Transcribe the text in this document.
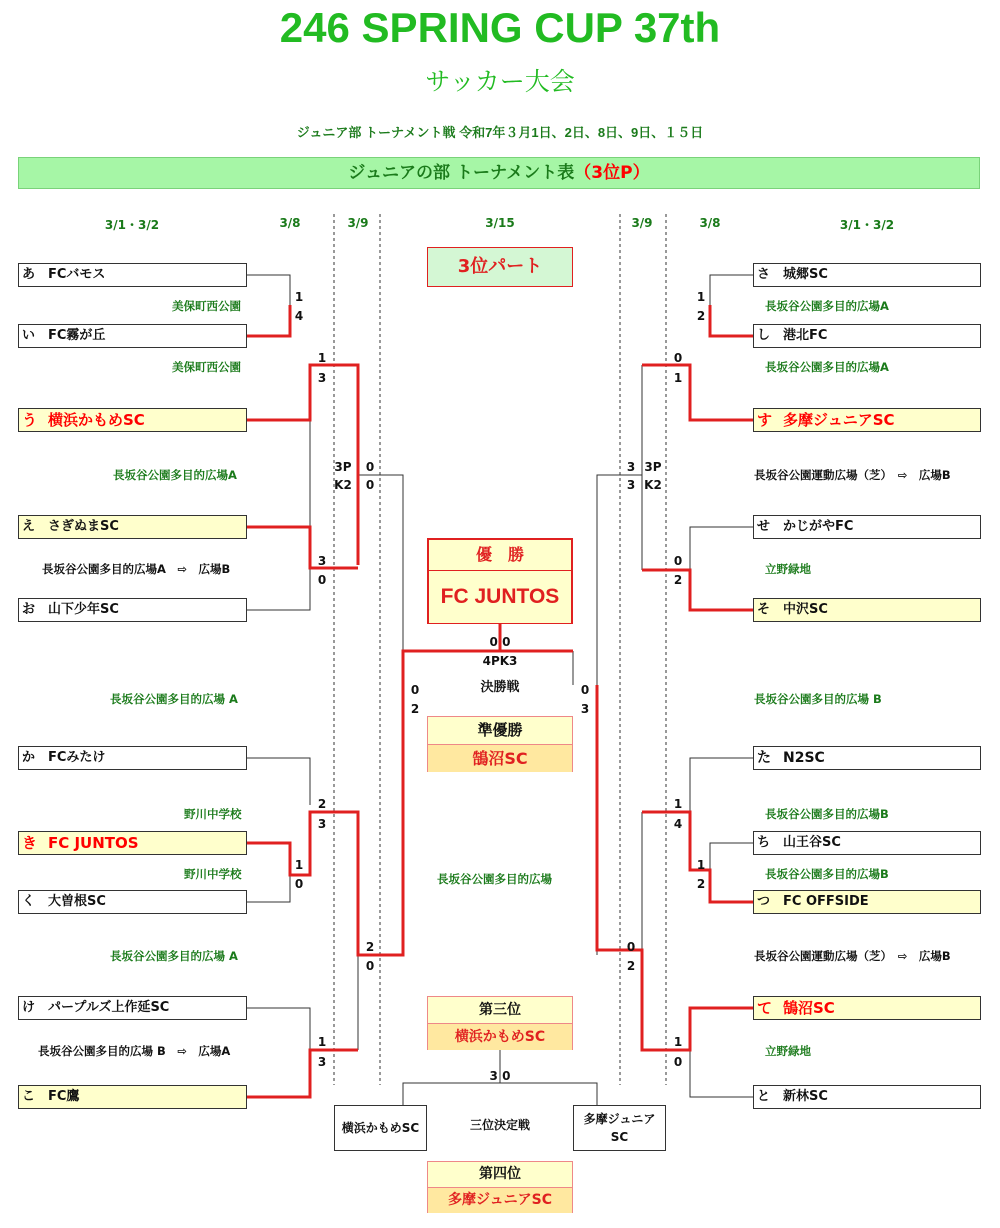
246 SPRING CUP 37th
サッカー大会
ジュニア部 トーナメント戦 令和7年３月1日、2日、8日、9日、１５日
ジュニアの部 トーナメント表（3位P）
3/1・3/2	3/8	3/9	3/15	3/9	3/8	3/1・3/2
あ FCバモス
い FC霧が丘
う 横浜かもめSC
え さぎぬまSC
お 山下少年SC
か FCみたけ
き FC JUNTOS
く 大曽根SC
け パープルズ上作延SC
こ FC鷹
さ 城郷SC
し 港北FC
す 多摩ジュニアSC
せ かじがやFC
そ 中沢SC
た N2SC
ち 山王谷SC
つ FC OFFSIDE
て 鵠沼SC
と 新林SC
美保町西公園
美保町西公園
長坂谷公園多目的広場A
長坂谷公園多目的広場A　⇨　広場B
長坂谷公園多目的広場 A
野川中学校
野川中学校
長坂谷公園多目的広場 A
長坂谷公園多目的広場 B　⇨　広場A
長坂谷公園多目的広場A
長坂谷公園多目的広場A
長坂谷公園運動広場（芝）　⇨　広場B
立野緑地
長坂谷公園多目的広場 B
長坂谷公園多目的広場B
長坂谷公園多目的広場B
長坂谷公園運動広場（芝）　⇨　広場B
立野緑地
長坂谷公園多目的広場
1
4
1
3
3P
K2
0
0
3
0
0
2
2
3
1
0
2
0
1
3
1
2
0
1
3
3
3P
K2
0
2
0
3
1
4
1
2
0
2
1
0
3位パート
優　勝
FC JUNTOS
0 0
4PK3
決勝戦
準優勝
鵠沼SC
第三位
横浜かもめSC
3 0
横浜かもめSC
多摩ジュニア SC
三位決定戦
第四位
多摩ジュニアSC
